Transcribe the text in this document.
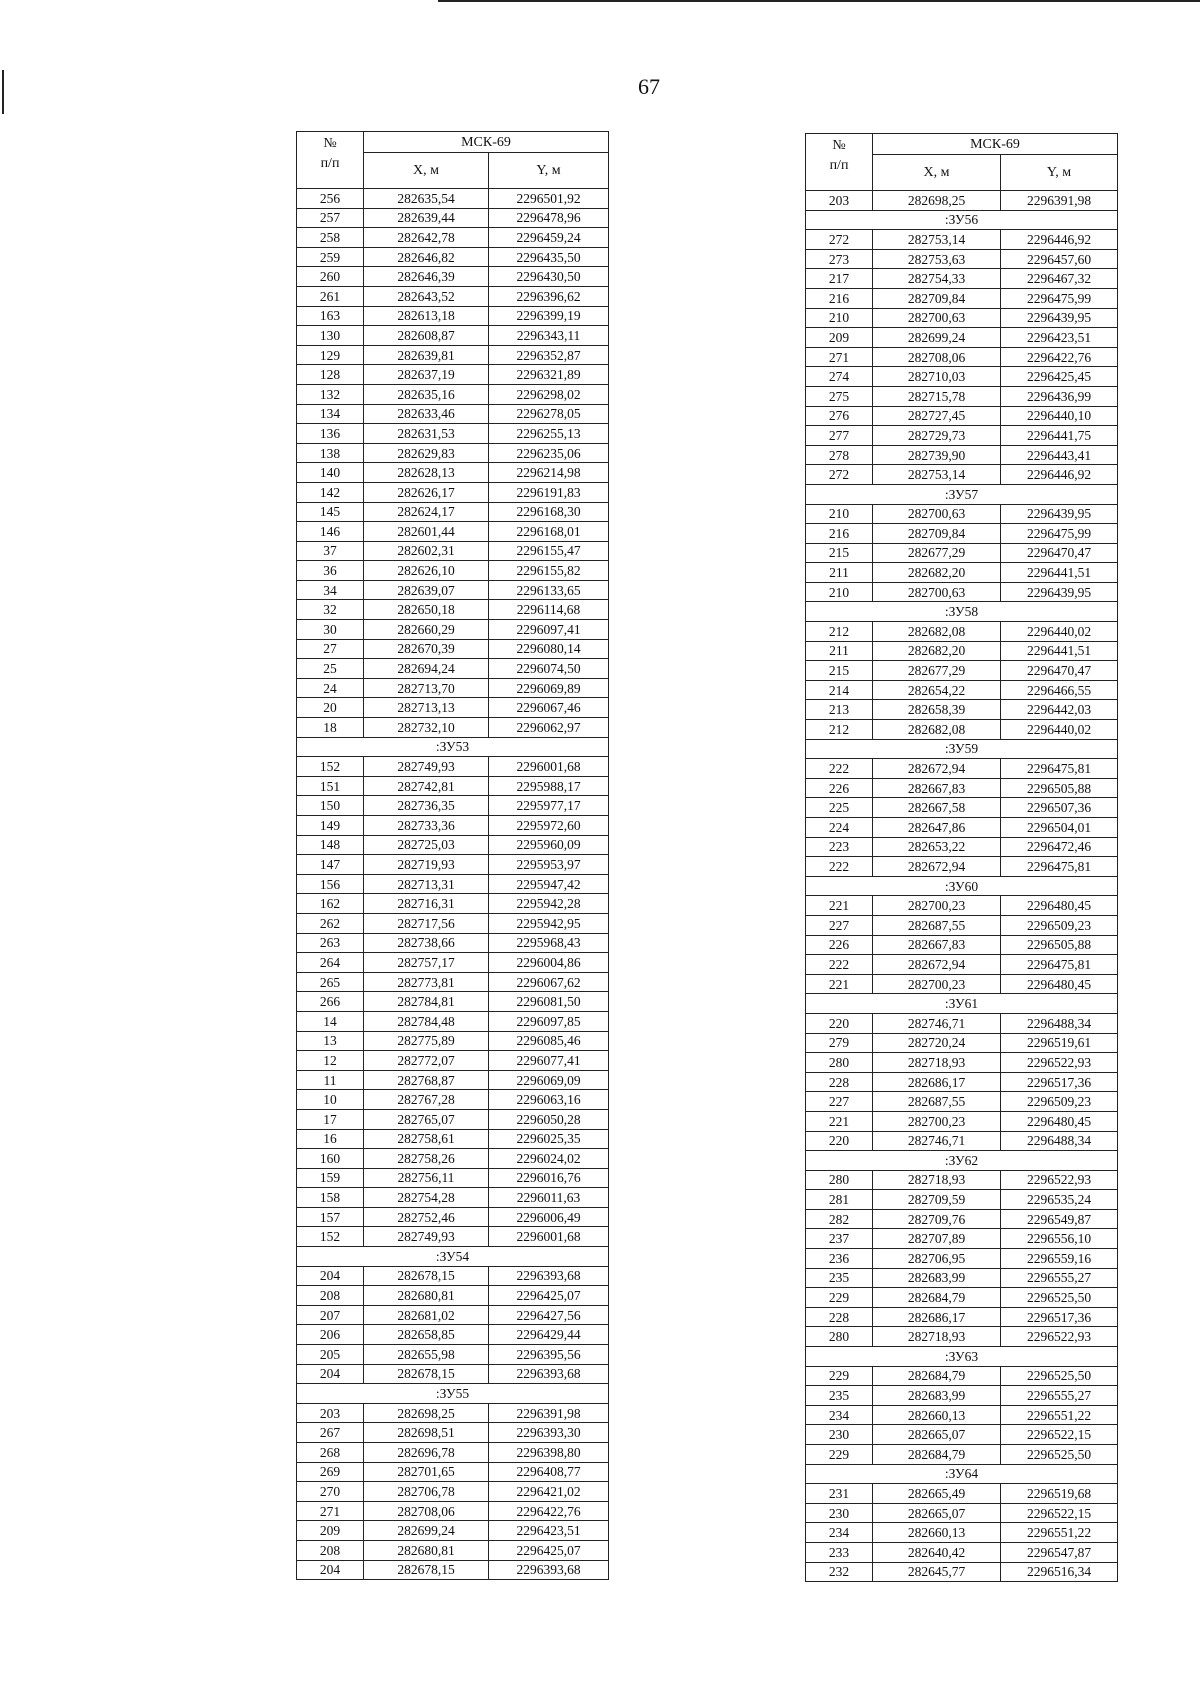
67
№
п/п	МСК-69	
	X, м	Y, м
256	282635,54	2296501,92
257	282639,44	2296478,96
258	282642,78	2296459,24
259	282646,82	2296435,50
260	282646,39	2296430,50
261	282643,52	2296396,62
163	282613,18	2296399,19
130	282608,87	2296343,11
129	282639,81	2296352,87
128	282637,19	2296321,89
132	282635,16	2296298,02
134	282633,46	2296278,05
136	282631,53	2296255,13
138	282629,83	2296235,06
140	282628,13	2296214,98
142	282626,17	2296191,83
145	282624,17	2296168,30
146	282601,44	2296168,01
37	282602,31	2296155,47
36	282626,10	2296155,82
34	282639,07	2296133,65
32	282650,18	2296114,68
30	282660,29	2296097,41
27	282670,39	2296080,14
25	282694,24	2296074,50
24	282713,70	2296069,89
20	282713,13	2296067,46
18	282732,10	2296062,97
:ЗУ53		
152	282749,93	2296001,68
151	282742,81	2295988,17
150	282736,35	2295977,17
149	282733,36	2295972,60
148	282725,03	2295960,09
147	282719,93	2295953,97
156	282713,31	2295947,42
162	282716,31	2295942,28
262	282717,56	2295942,95
263	282738,66	2295968,43
264	282757,17	2296004,86
265	282773,81	2296067,62
266	282784,81	2296081,50
14	282784,48	2296097,85
13	282775,89	2296085,46
12	282772,07	2296077,41
11	282768,87	2296069,09
10	282767,28	2296063,16
17	282765,07	2296050,28
16	282758,61	2296025,35
160	282758,26	2296024,02
159	282756,11	2296016,76
158	282754,28	2296011,63
157	282752,46	2296006,49
152	282749,93	2296001,68
:ЗУ54		
204	282678,15	2296393,68
208	282680,81	2296425,07
207	282681,02	2296427,56
206	282658,85	2296429,44
205	282655,98	2296395,56
204	282678,15	2296393,68
:ЗУ55		
203	282698,25	2296391,98
267	282698,51	2296393,30
268	282696,78	2296398,80
269	282701,65	2296408,77
270	282706,78	2296421,02
271	282708,06	2296422,76
209	282699,24	2296423,51
208	282680,81	2296425,07
204	282678,15	2296393,68
№
п/п	МСК-69	
	X, м	Y, м
203	282698,25	2296391,98
:ЗУ56		
272	282753,14	2296446,92
273	282753,63	2296457,60
217	282754,33	2296467,32
216	282709,84	2296475,99
210	282700,63	2296439,95
209	282699,24	2296423,51
271	282708,06	2296422,76
274	282710,03	2296425,45
275	282715,78	2296436,99
276	282727,45	2296440,10
277	282729,73	2296441,75
278	282739,90	2296443,41
272	282753,14	2296446,92
:ЗУ57		
210	282700,63	2296439,95
216	282709,84	2296475,99
215	282677,29	2296470,47
211	282682,20	2296441,51
210	282700,63	2296439,95
:ЗУ58		
212	282682,08	2296440,02
211	282682,20	2296441,51
215	282677,29	2296470,47
214	282654,22	2296466,55
213	282658,39	2296442,03
212	282682,08	2296440,02
:ЗУ59		
222	282672,94	2296475,81
226	282667,83	2296505,88
225	282667,58	2296507,36
224	282647,86	2296504,01
223	282653,22	2296472,46
222	282672,94	2296475,81
:ЗУ60		
221	282700,23	2296480,45
227	282687,55	2296509,23
226	282667,83	2296505,88
222	282672,94	2296475,81
221	282700,23	2296480,45
:ЗУ61		
220	282746,71	2296488,34
279	282720,24	2296519,61
280	282718,93	2296522,93
228	282686,17	2296517,36
227	282687,55	2296509,23
221	282700,23	2296480,45
220	282746,71	2296488,34
:ЗУ62		
280	282718,93	2296522,93
281	282709,59	2296535,24
282	282709,76	2296549,87
237	282707,89	2296556,10
236	282706,95	2296559,16
235	282683,99	2296555,27
229	282684,79	2296525,50
228	282686,17	2296517,36
280	282718,93	2296522,93
:ЗУ63		
229	282684,79	2296525,50
235	282683,99	2296555,27
234	282660,13	2296551,22
230	282665,07	2296522,15
229	282684,79	2296525,50
:ЗУ64		
231	282665,49	2296519,68
230	282665,07	2296522,15
234	282660,13	2296551,22
233	282640,42	2296547,87
232	282645,77	2296516,34
